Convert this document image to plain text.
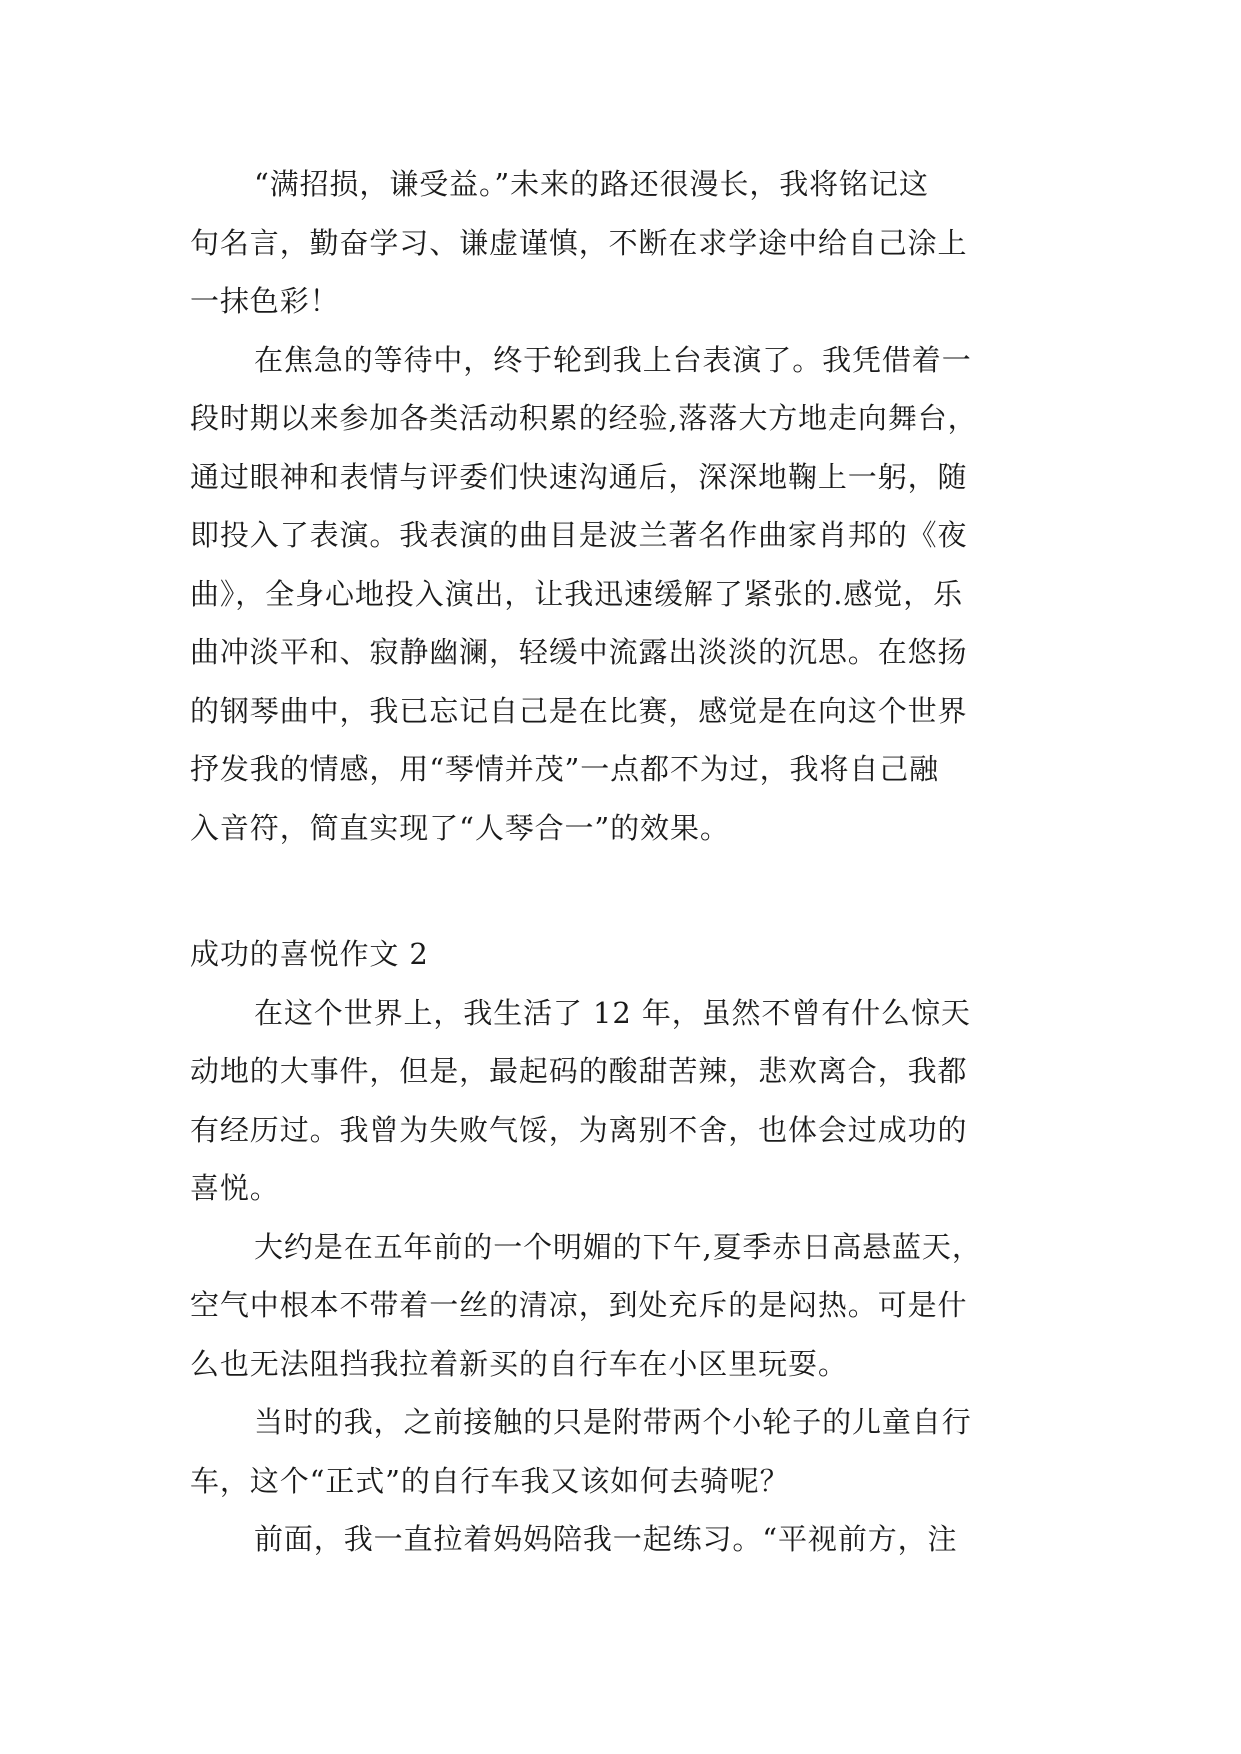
“满招损，谦受益。”未来的路还很漫长，我将铭记这
句名言，勤奋学习、谦虚谨慎，不断在求学途中给自己涂上
一抹色彩！
在焦急的等待中，终于轮到我上台表演了。我凭借着一
段时期以来参加各类活动积累的经验,落落大方地走向舞台，
通过眼神和表情与评委们快速沟通后，深深地鞠上一躬，随
即投入了表演。我表演的曲目是波兰著名作曲家肖邦的《夜
曲》，全身心地投入演出，让我迅速缓解了紧张的.感觉，乐
曲冲淡平和、寂静幽澜，轻缓中流露出淡淡的沉思。在悠扬
的钢琴曲中，我已忘记自己是在比赛，感觉是在向这个世界
抒发我的情感，用“琴情并茂”一点都不为过，我将自己融
入音符，简直实现了“人琴合一”的效果。
成功的喜悦作文 2
在这个世界上，我生活了 12 年，虽然不曾有什么惊天
动地的大事件，但是，最起码的酸甜苦辣，悲欢离合，我都
有经历过。我曾为失败气馁，为离别不舍，也体会过成功的
喜悦。
大约是在五年前的一个明媚的下午,夏季赤日高悬蓝天，
空气中根本不带着一丝的清凉，到处充斥的是闷热。可是什
么也无法阻挡我拉着新买的自行车在小区里玩耍。
当时的我，之前接触的只是附带两个小轮子的儿童自行
车，这个“正式”的自行车我又该如何去骑呢？
前面，我一直拉着妈妈陪我一起练习。“平视前方，注
